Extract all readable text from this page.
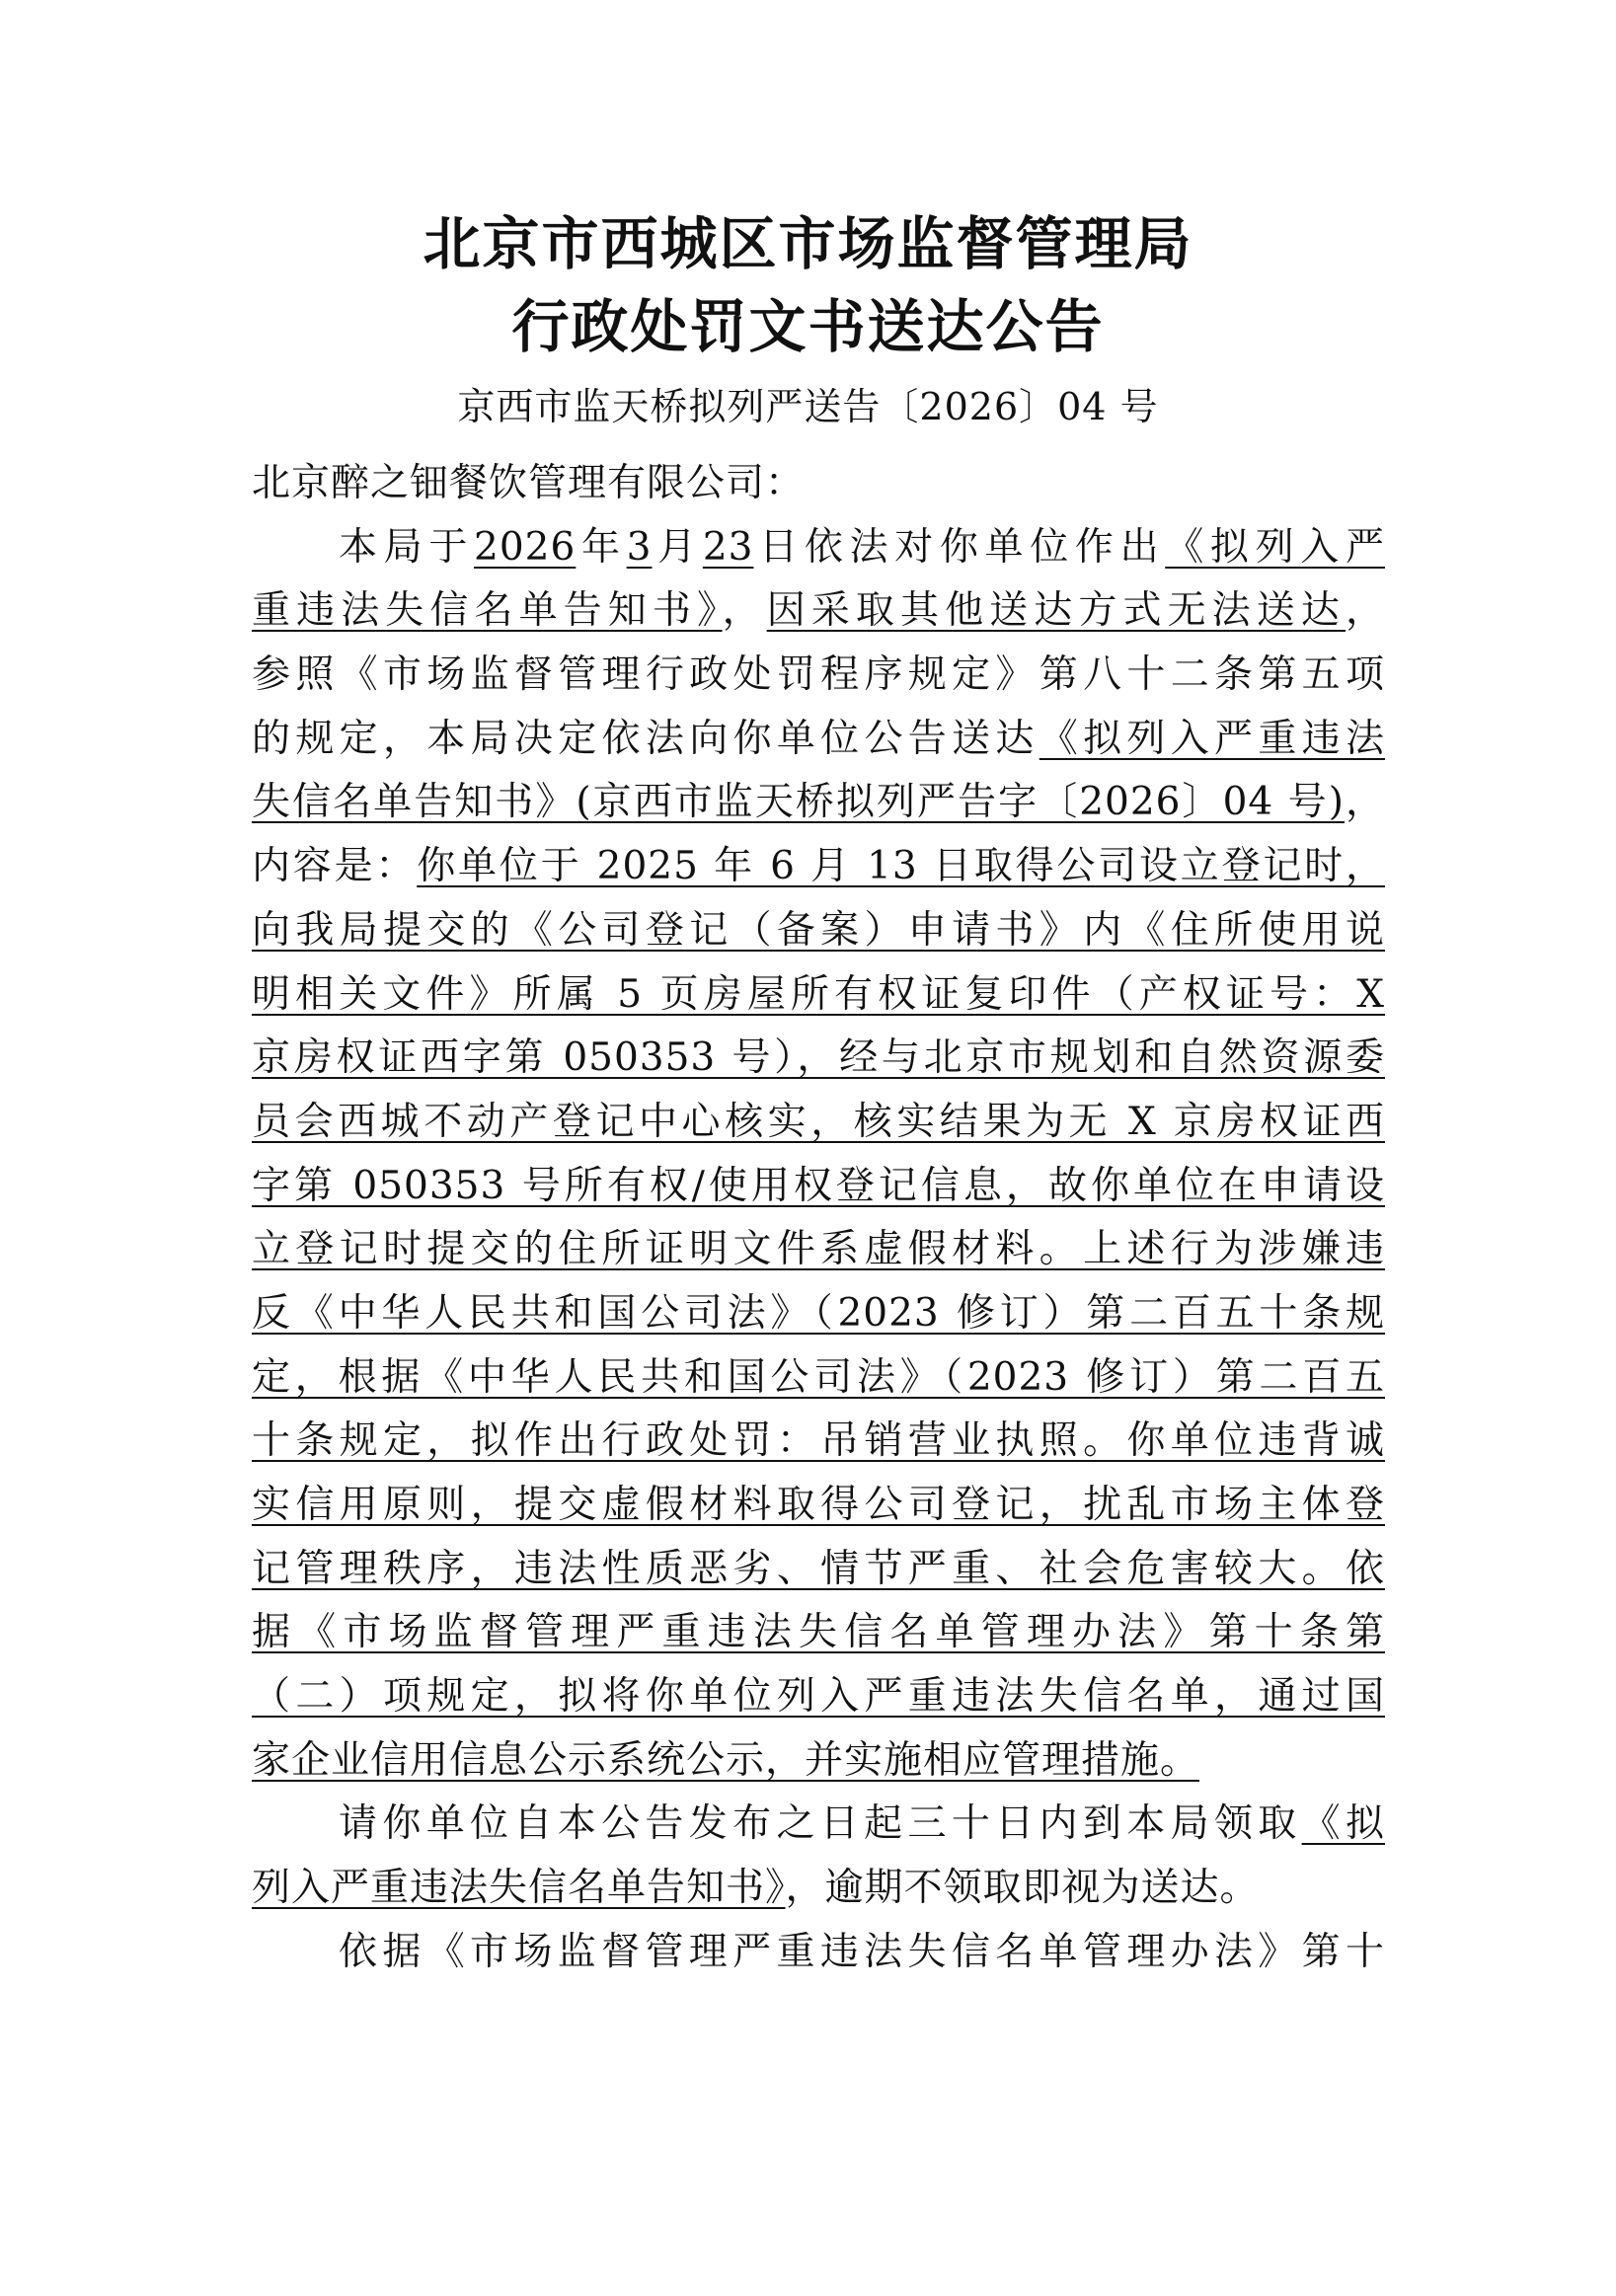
北京市西城区市场监督管理局
行政处罚文书送达公告
京西市监天桥拟列严送告〔2026〕04 号
北京醉之钿餐饮管理有限公司：
本局于2026年3月23日依法对你单位作出《拟列入严
重违法失信名单告知书》，因采取其他送达方式无法送达，
参照《市场监督管理行政处罚程序规定》第八十二条第五项
的规定，本局决定依法向你单位公告送达《拟列入严重违法
失信名单告知书》(京西市监天桥拟列严告字〔2026〕04 号)，
内容是：你单位于 2025 年 6 月 13 日取得公司设立登记时，
向我局提交的《公司登记（备案）申请书》内《住所使用说
明相关文件》所属 5 页房屋所有权证复印件（产权证号：X
京房权证西字第 050353 号），经与北京市规划和自然资源委
员会西城不动产登记中心核实，核实结果为无 X 京房权证西
字第 050353 号所有权/使用权登记信息，故你单位在申请设
立登记时提交的住所证明文件系虚假材料。上述行为涉嫌违
反《中华人民共和国公司法》（2023 修订）第二百五十条规
定，根据《中华人民共和国公司法》（2023 修订）第二百五
十条规定，拟作出行政处罚：吊销营业执照。你单位违背诚
实信用原则，提交虚假材料取得公司登记，扰乱市场主体登
记管理秩序，违法性质恶劣、情节严重、社会危害较大。依
据《市场监督管理严重违法失信名单管理办法》第十条第
（二）项规定，拟将你单位列入严重违法失信名单，通过国
家企业信用信息公示系统公示，并实施相应管理措施。
请你单位自本公告发布之日起三十日内到本局领取《拟
列入严重违法失信名单告知书》，逾期不领取即视为送达。
依据《市场监督管理严重违法失信名单管理办法》第十
